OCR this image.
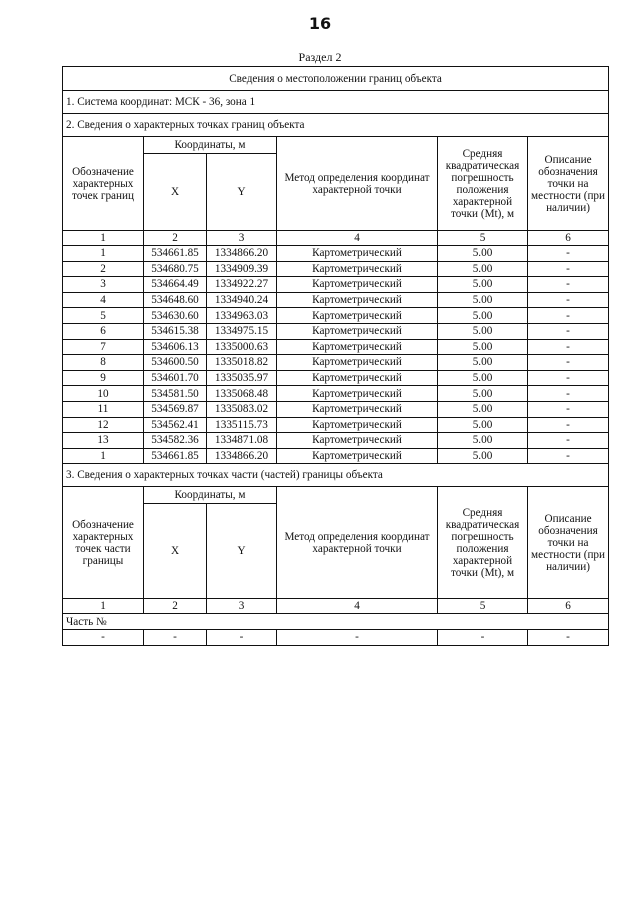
16
Раздел 2
Сведения о местоположении границ объекта					
1. Система координат: МСК - 36, зона 1					
2. Сведения о характерных точках границ объекта					
Обозначение характерных точек границ	Координаты, м		Метод определения координат характерной точки	Средняя квадратическая погрешность положения характерной точки (Mt), м	Описание обозначения точки на местности (при наличии)
	X	Y			
1	2	3	4	5	6
1	534661.85	1334866.20	Картометрический	5.00	-
2	534680.75	1334909.39	Картометрический	5.00	-
3	534664.49	1334922.27	Картометрический	5.00	-
4	534648.60	1334940.24	Картометрический	5.00	-
5	534630.60	1334963.03	Картометрический	5.00	-
6	534615.38	1334975.15	Картометрический	5.00	-
7	534606.13	1335000.63	Картометрический	5.00	-
8	534600.50	1335018.82	Картометрический	5.00	-
9	534601.70	1335035.97	Картометрический	5.00	-
10	534581.50	1335068.48	Картометрический	5.00	-
11	534569.87	1335083.02	Картометрический	5.00	-
12	534562.41	1335115.73	Картометрический	5.00	-
13	534582.36	1334871.08	Картометрический	5.00	-
1	534661.85	1334866.20	Картометрический	5.00	-
3. Сведения о характерных точках части (частей) границы объекта					
Обозначение характерных точек части границы	Координаты, м		Метод определения координат характерной точки	Средняя квадратическая погрешность положения характерной точки (Mt), м	Описание обозначения точки на местности (при наличии)
	X	Y			
1	2	3	4	5	6
Часть №					
-	-	-	-	-	-
